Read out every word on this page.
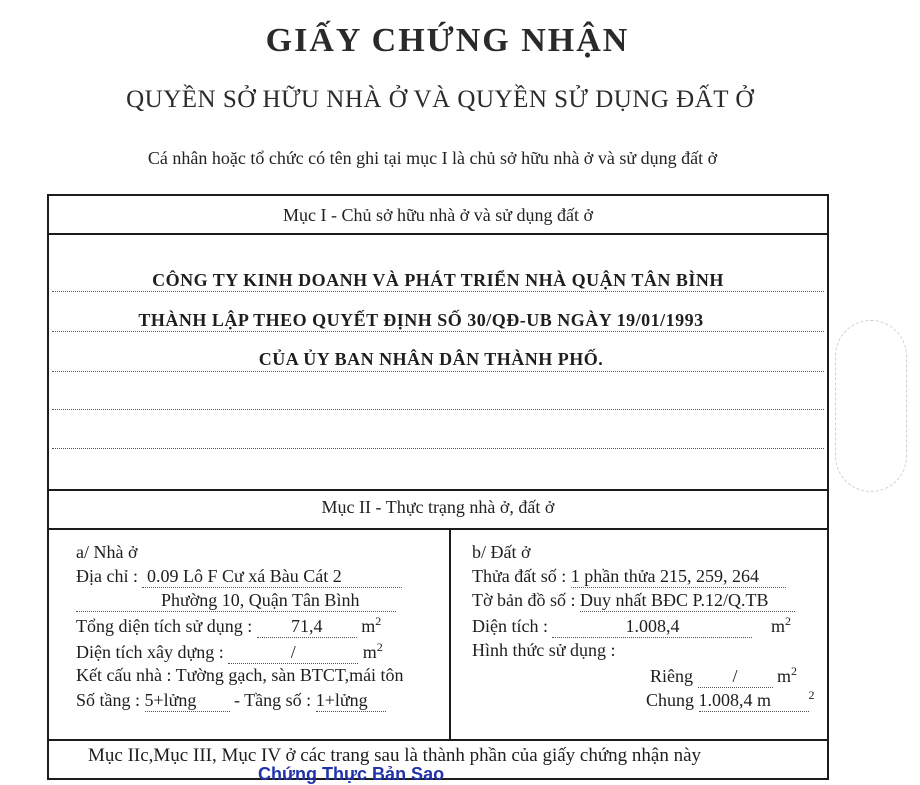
GIẤY CHỨNG NHẬN
QUYỀN SỞ HỮU NHÀ Ở VÀ QUYỀN SỬ DỤNG ĐẤT Ở
Cá nhân hoặc tổ chức có tên ghi tại mục I là chủ sở hữu nhà ở và sử dụng đất ở
Mục I - Chủ sở hữu nhà ở và sử dụng đất ở
CÔNG TY KINH DOANH VÀ PHÁT TRIỂN NHÀ QUẬN TÂN BÌNH
THÀNH LẬP THEO QUYẾT ĐỊNH SỐ 30/QĐ-UB NGÀY 19/01/1993
CỦA ỦY BAN NHÂN DÂN THÀNH PHỐ.
Mục II - Thực trạng nhà ở, đất ở
a/ Nhà ở
Địa chỉ : 0.09 Lô F Cư xá Bàu Cát 2
Phường 10, Quận Tân Bình
Tổng diện tích sử dụng : 71,4 $m^2$
Diện tích xây dựng :	/	$m^2$
Kết cấu nhà : Tường gạch, sàn BTCT,mái tôn
Số tầng : 5+lửng - Tầng số : 1+lửng
b/ Đất ở
Thửa đất số : 1 phần thửa 215, 259, 264
Tờ bản đồ số : Duy nhất BĐC P.12/Q.TB
Diện tích :	1.008,4	$m^2$
Hình thức sử dụng :
Riêng / $m^2$
Chung 1.008,4 m	$^2$
Mục IIc,Mục III, Mục IV ở các trang sau là thành phần của giấy chứng nhận này
Chứng Thực Bản Sao
